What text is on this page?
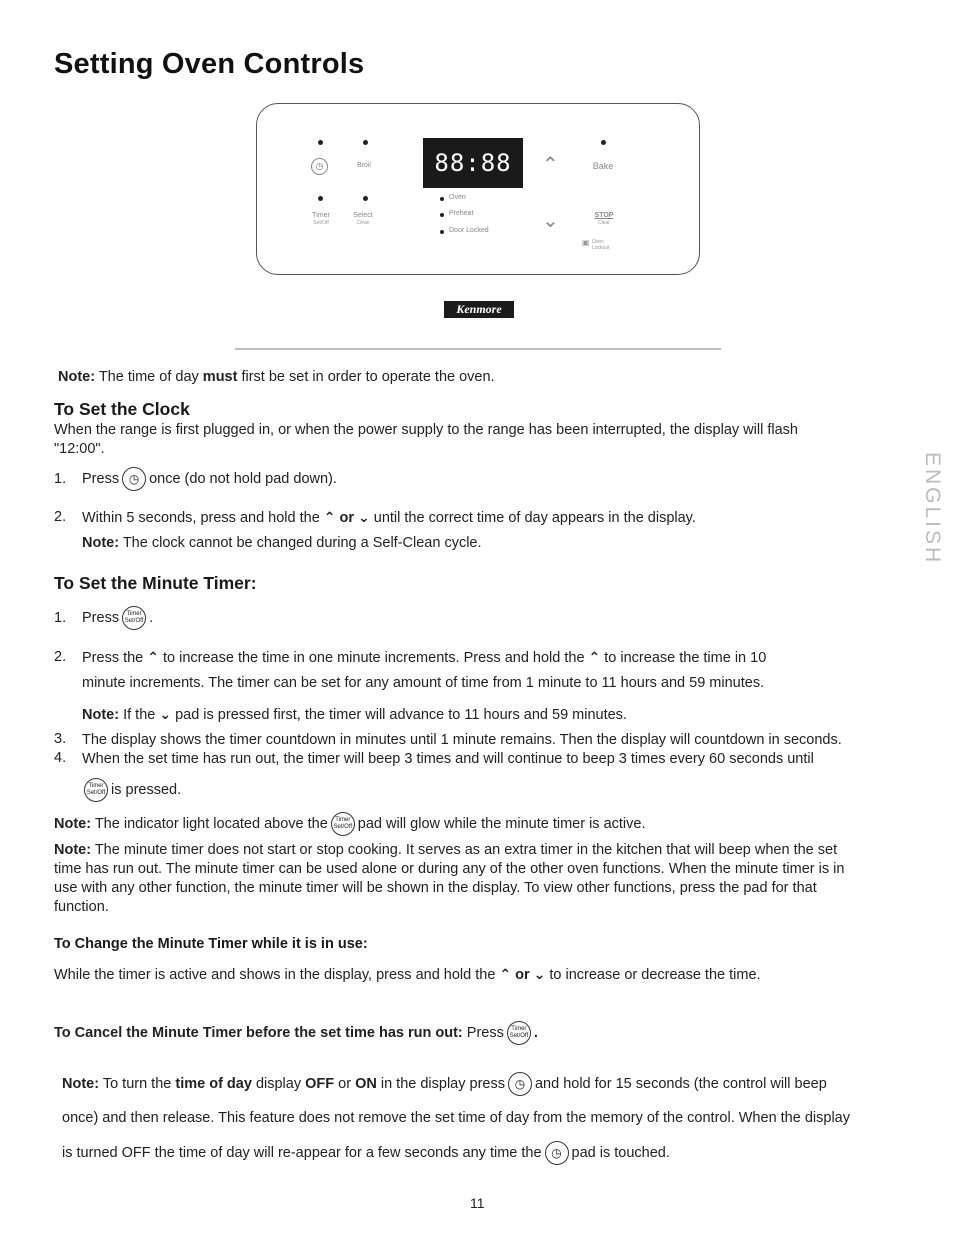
Setting Oven Controls
◷	Broil
Timer
Set/Off
Select
Clean
88:88
Oven
Preheat
Door Locked
⌃
⌄
Bake
STOP
Clear
▣ Oven Lockout
Kenmore
Note: The time of day must first be set in order to operate the oven.
To Set the Clock
When the range is first plugged in, or when the power supply to the range has been interrupted, the display will flash
"12:00".
1. Press ◷ once (do not hold pad down).
2. Within 5 seconds, press and hold the ⌃ or ⌄ until the correct time of day appears in the display.
Note: The clock cannot be changed during a Self-Clean cycle.
To Set the Minute Timer:
1. Press Timer
Set/Off .
2. Press the ⌃ to increase the time in one minute increments. Press and hold the ⌃ to increase the time in 10
minute increments. The timer can be set for any amount of time from 1 minute to 11 hours and 59 minutes.
Note: If the ⌄ pad is pressed first, the timer will advance to 11 hours and 59 minutes.
3. The display shows the timer countdown in minutes until 1 minute remains. Then the display will countdown in seconds.
4. When the set time has run out, the timer will beep 3 times and will continue to beep 3 times every 60 seconds until
Timer
Set/Off is pressed.
Note: The indicator light located above the Timer
Set/Off pad will glow while the minute timer is active.
Note: The minute timer does not start or stop cooking. It serves as an extra timer in the kitchen that will beep when the set
time has run out. The minute timer can be used alone or during any of the other oven functions. When the minute timer is in
use with any other function, the minute timer will be shown in the display. To view other functions, press the pad for that
function.
To Change the Minute Timer while it is in use:
While the timer is active and shows in the display, press and hold the ⌃ or ⌄ to increase or decrease the time.
To Cancel the Minute Timer before the set time has run out: Press Timer
Set/Off .
Note: To turn the time of day display OFF or ON in the display press ◷ and hold for 15 seconds (the control will beep
once) and then release. This feature does not remove the set time of day from the memory of the control. When the display
is turned OFF the time of day will re-appear for a few seconds any time the ◷ pad is touched.
ENGLISH
11
